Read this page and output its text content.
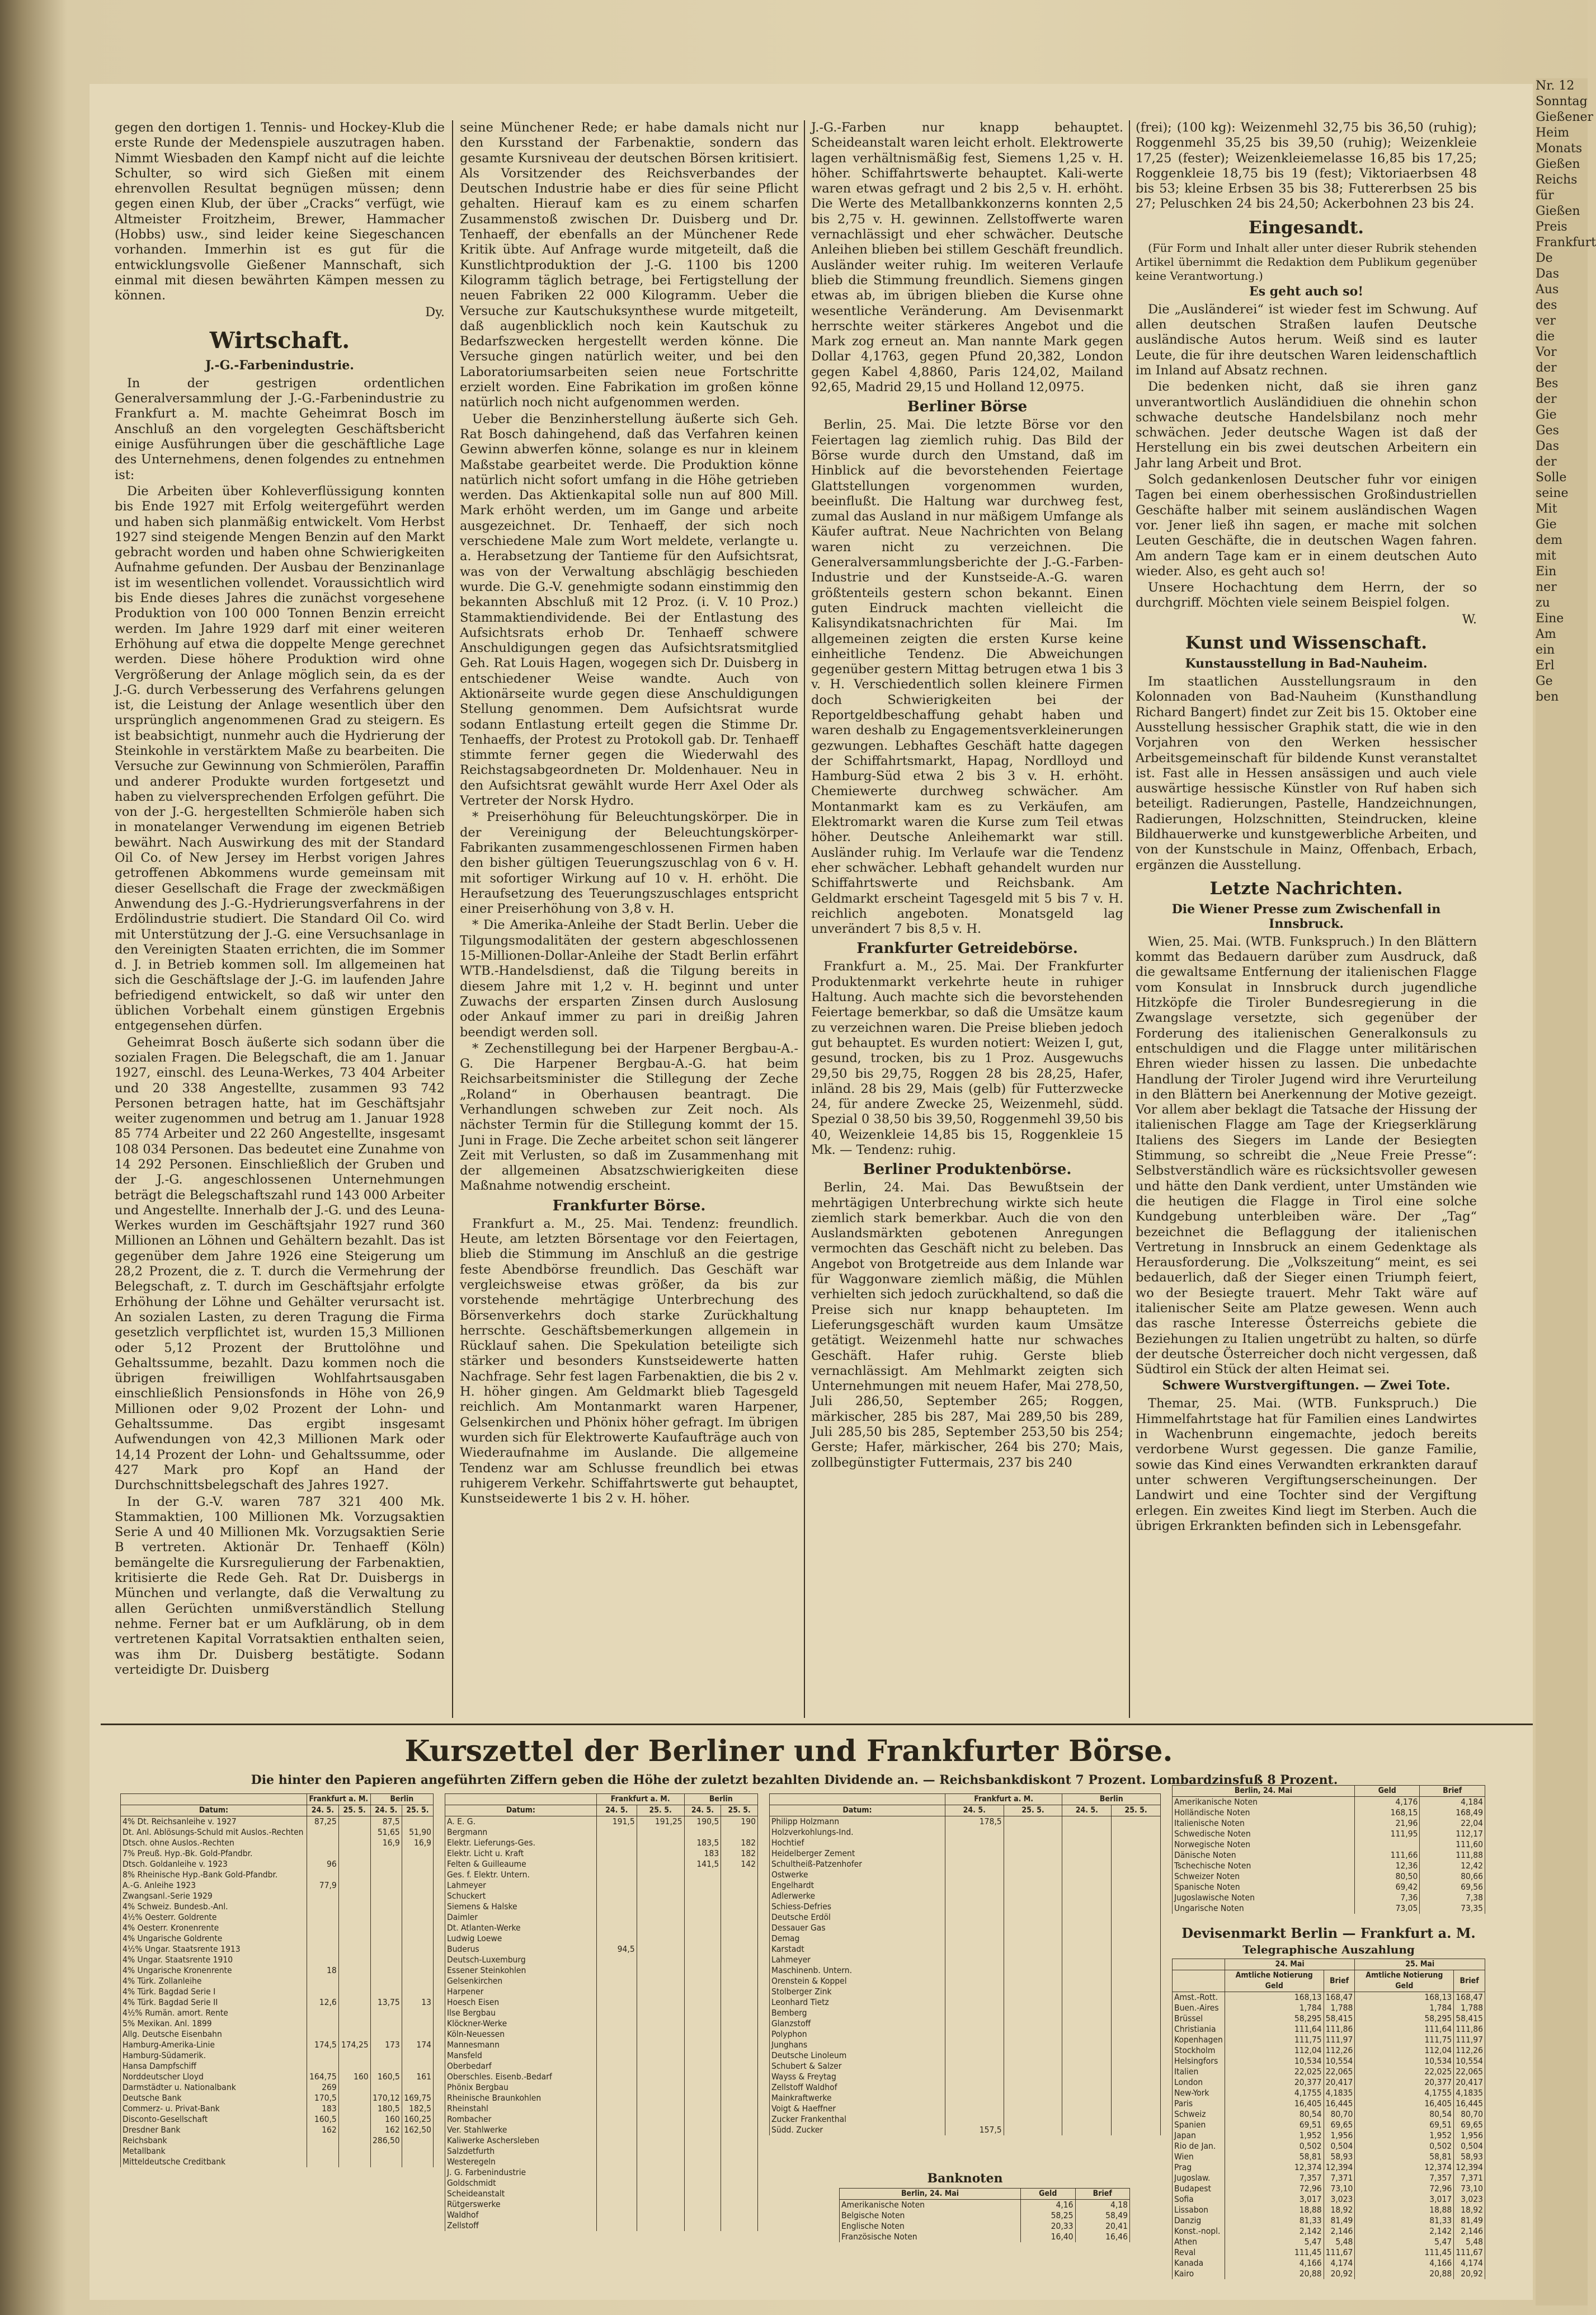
gegen den dortigen 1. Tennis- und Hockey-Klub die erste Runde der Medenspiele auszutragen haben. Nimmt Wiesbaden den Kampf nicht auf die leichte Schulter, so wird sich Gießen mit einem ehrenvollen Resultat begnügen müssen; denn gegen einen Klub, der über „Cracks“ verfügt, wie Altmeister Froitzheim, Brewer, Hammacher (Hobbs) usw., sind leider keine Siegeschancen vorhanden. Immerhin ist es gut für die entwicklungsvolle Gießener Mannschaft, sich einmal mit diesen bewährten Kämpen messen zu können.

Dy.
Wirtschaft.
J.-G.-Farbenindustrie.

In der gestrigen ordentlichen Generalversammlung der J.-G.-Farbenindustrie zu Frankfurt a. M. machte Geheimrat Bosch im Anschluß an den vorgelegten Geschäftsbericht einige Ausführungen über die geschäftliche Lage des Unternehmens, denen folgendes zu entnehmen ist:

Die Arbeiten über Kohleverflüssigung konnten bis Ende 1927 mit Erfolg weitergeführt werden und haben sich planmäßig entwickelt. Vom Herbst 1927 sind steigende Mengen Benzin auf den Markt gebracht worden und haben ohne Schwierigkeiten Aufnahme gefunden. Der Ausbau der Benzinanlage ist im wesentlichen vollendet. Voraussichtlich wird bis Ende dieses Jahres die zunächst vorgesehene Produktion von 100 000 Tonnen Benzin erreicht werden. Im Jahre 1929 darf mit einer weiteren Erhöhung auf etwa die doppelte Menge gerechnet werden. Diese höhere Produktion wird ohne Vergrößerung der Anlage möglich sein, da es der J.-G. durch Verbesserung des Verfahrens gelungen ist, die Leistung der Anlage wesentlich über den ursprünglich angenommenen Grad zu steigern. Es ist beabsichtigt, nunmehr auch die Hydrierung der Steinkohle in verstärktem Maße zu bearbeiten. Die Versuche zur Gewinnung von Schmierölen, Paraffin und anderer Produkte wurden fortgesetzt und haben zu vielversprechenden Erfolgen geführt. Die von der J.-G. hergestellten Schmieröle haben sich in monatelanger Verwendung im eigenen Betrieb bewährt. Nach Auswirkung des mit der Standard Oil Co. of New Jersey im Herbst vorigen Jahres getroffenen Abkommens wurde gemeinsam mit dieser Gesellschaft die Frage der zweckmäßigen Anwendung des J.-G.-Hydrierungsverfahrens in der Erdölindustrie studiert. Die Standard Oil Co. wird mit Unterstützung der J.-G. eine Versuchsanlage in den Vereinigten Staaten errichten, die im Sommer d. J. in Betrieb kommen soll. Im allgemeinen hat sich die Geschäftslage der J.-G. im laufenden Jahre befriedigend entwickelt, so daß wir unter den üblichen Vorbehalt einem günstigen Ergebnis entgegensehen dürfen.

Geheimrat Bosch äußerte sich sodann über die sozialen Fragen. Die Belegschaft, die am 1. Januar 1927, einschl. des Leuna-Werkes, 73 404 Arbeiter und 20 338 Angestellte, zusammen 93 742 Personen betragen hatte, hat im Geschäftsjahr weiter zugenommen und betrug am 1. Januar 1928 85 774 Arbeiter und 22 260 Angestellte, insgesamt 108 034 Personen. Das bedeutet eine Zunahme von 14 292 Personen. Einschließlich der Gruben und der J.-G. angeschlossenen Unternehmungen beträgt die Belegschaftszahl rund 143 000 Arbeiter und Angestellte. Innerhalb der J.-G. und des Leuna-Werkes wurden im Geschäftsjahr 1927 rund 360 Millionen an Löhnen und Gehältern bezahlt. Das ist gegenüber dem Jahre 1926 eine Steigerung um 28,2 Prozent, die z. T. durch die Vermehrung der Belegschaft, z. T. durch im Geschäftsjahr erfolgte Erhöhung der Löhne und Gehälter verursacht ist. An sozialen Lasten, zu deren Tragung die Firma gesetzlich verpflichtet ist, wurden 15,3 Millionen oder 5,12 Prozent der Bruttolöhne und Gehaltssumme, bezahlt. Dazu kommen noch die übrigen freiwilligen Wohlfahrtsausgaben einschließlich Pensionsfonds in Höhe von 26,9 Millionen oder 9,02 Prozent der Lohn- und Gehaltssumme. Das ergibt insgesamt Aufwendungen von 42,3 Millionen Mark oder 14,14 Prozent der Lohn- und Gehaltssumme, oder 427 Mark pro Kopf an Hand der Durchschnittsbelegschaft des Jahres 1927.

In der G.-V. waren 787 321 400 Mk. Stammaktien, 100 Millionen Mk. Vorzugsaktien Serie A und 40 Millionen Mk. Vorzugsaktien Serie B vertreten. Aktionär Dr. Tenhaeff (Köln) bemängelte die Kursregulierung der Farbenaktien, kritisierte die Rede Geh. Rat Dr. Duisbergs in München und verlangte, daß die Verwaltung zu allen Gerüchten unmißverständlich Stellung nehme. Ferner bat er um Aufklärung, ob in dem vertretenen Kapital Vorratsaktien enthalten seien, was ihm Dr. Duisberg bestätigte. Sodann verteidigte Dr. Duisberg

seine Münchener Rede; er habe damals nicht nur den Kursstand der Farbenaktie, sondern das gesamte Kursniveau der deutschen Börsen kritisiert. Als Vorsitzender des Reichsverbandes der Deutschen Industrie habe er dies für seine Pflicht gehalten. Hierauf kam es zu einem scharfen Zusammenstoß zwischen Dr. Duisberg und Dr. Tenhaeff, der ebenfalls an der Münchener Rede Kritik übte. Auf Anfrage wurde mitgeteilt, daß die Kunstlichtproduktion der J.-G. 1100 bis 1200 Kilogramm täglich betrage, bei Fertigstellung der neuen Fabriken 22 000 Kilogramm. Ueber die Versuche zur Kautschuksynthese wurde mitgeteilt, daß augenblicklich noch kein Kautschuk zu Bedarfszwecken hergestellt werden könne. Die Versuche gingen natürlich weiter, und bei den Laboratoriumsarbeiten seien neue Fortschritte erzielt worden. Eine Fabrikation im großen könne natürlich noch nicht aufgenommen werden.

Ueber die Benzinherstellung äußerte sich Geh. Rat Bosch dahingehend, daß das Verfahren keinen Gewinn abwerfen könne, solange es nur in kleinem Maßstabe gearbeitet werde. Die Produktion könne natürlich nicht sofort umfang in die Höhe getrieben werden. Das Aktienkapital solle nun auf 800 Mill. Mark erhöht werden, um im Gange und arbeite ausgezeichnet. Dr. Tenhaeff, der sich noch verschiedene Male zum Wort meldete, verlangte u. a. Herabsetzung der Tantieme für den Aufsichtsrat, was von der Verwaltung abschlägig beschieden wurde. Die G.-V. genehmigte sodann einstimmig den bekannten Abschluß mit 12 Proz. (i. V. 10 Proz.) Stammaktiendividende. Bei der Entlastung des Aufsichtsrats erhob Dr. Tenhaeff schwere Anschuldigungen gegen das Aufsichtsratsmitglied Geh. Rat Louis Hagen, wogegen sich Dr. Duisberg in entschiedener Weise wandte. Auch von Aktionärseite wurde gegen diese Anschuldigungen Stellung genommen. Dem Aufsichtsrat wurde sodann Entlastung erteilt gegen die Stimme Dr. Tenhaeffs, der Protest zu Protokoll gab. Dr. Tenhaeff stimmte ferner gegen die Wiederwahl des Reichstagsabgeordneten Dr. Moldenhauer. Neu in den Aufsichtsrat gewählt wurde Herr Axel Oder als Vertreter der Norsk Hydro.

* Preiserhöhung für Beleuchtungskörper. Die in der Vereinigung der Beleuchtungskörper-Fabrikanten zusammengeschlossenen Firmen haben den bisher gültigen Teuerungszuschlag von 6 v. H. mit sofortiger Wirkung auf 10 v. H. erhöht. Die Heraufsetzung des Teuerungszuschlages entspricht einer Preiserhöhung von 3,8 v. H.

* Die Amerika-Anleihe der Stadt Berlin. Ueber die Tilgungsmodalitäten der gestern abgeschlossenen 15-Millionen-Dollar-Anleihe der Stadt Berlin erfährt WTB.-Handelsdienst, daß die Tilgung bereits in diesem Jahre mit 1,2 v. H. beginnt und unter Zuwachs der ersparten Zinsen durch Auslosung oder Ankauf immer zu pari in dreißig Jahren beendigt werden soll.

* Zechenstillegung bei der Harpener Bergbau-A.-G. Die Harpener Bergbau-A.-G. hat beim Reichsarbeitsminister die Stillegung der Zeche „Roland“ in Oberhausen beantragt. Die Verhandlungen schweben zur Zeit noch. Als nächster Termin für die Stillegung kommt der 15. Juni in Frage. Die Zeche arbeitet schon seit längerer Zeit mit Verlusten, so daß im Zusammenhang mit der allgemeinen Absatzschwierigkeiten diese Maßnahme notwendig erscheint.

Frankfurter Börse.

Frankfurt a. M., 25. Mai. Tendenz: freundlich. Heute, am letzten Börsentage vor den Feiertagen, blieb die Stimmung im Anschluß an die gestrige feste Abendbörse freundlich. Das Geschäft war vergleichsweise etwas größer, da bis zur vorstehende mehrtägige Unterbrechung des Börsenverkehrs doch starke Zurückhaltung herrschte. Geschäftsbemerkungen allgemein in Rücklauf sahen. Die Spekulation beteiligte sich stärker und besonders Kunstseidewerte hatten Nachfrage. Sehr fest lagen Farbenaktien, die bis 2 v. H. höher gingen. Am Geldmarkt blieb Tagesgeld reichlich. Am Montanmarkt waren Harpener, Gelsenkirchen und Phönix höher gefragt. Im übrigen wurden sich für Elektrowerte Kaufaufträge auch von Wiederaufnahme im Auslande. Die allgemeine Tendenz war am Schlusse freundlich bei etwas ruhigerem Verkehr. Schiffahrtswerte gut behauptet, Kunstseidewerte 1 bis 2 v. H. höher.

J.-G.-Farben nur knapp behauptet. Scheideanstalt waren leicht erholt. Elektrowerte lagen verhältnismäßig fest, Siemens 1,25 v. H. höher. Schiffahrtswerte behauptet. Kali-werte waren etwas gefragt und 2 bis 2,5 v. H. erhöht. Die Werte des Metallbankkonzerns konnten 2,5 bis 2,75 v. H. gewinnen. Zellstoffwerte waren vernachlässigt und eher schwächer. Deutsche Anleihen blieben bei stillem Geschäft freundlich. Ausländer weiter ruhig. Im weiteren Verlaufe blieb die Stimmung freundlich. Siemens gingen etwas ab, im übrigen blieben die Kurse ohne wesentliche Veränderung. Am Devisenmarkt herrschte weiter stärkeres Angebot und die Mark zog erneut an. Man nannte Mark gegen Dollar 4,1763, gegen Pfund 20,382, London gegen Kabel 4,8860, Paris 124,02, Mailand 92,65, Madrid 29,15 und Holland 12,0975.

Berliner Börse

Berlin, 25. Mai. Die letzte Börse vor den Feiertagen lag ziemlich ruhig. Das Bild der Börse wurde durch den Umstand, daß im Hinblick auf die bevorstehenden Feiertage Glattstellungen vorgenommen wurden, beeinflußt. Die Haltung war durchweg fest, zumal das Ausland in nur mäßigem Umfange als Käufer auftrat. Neue Nachrichten von Belang waren nicht zu verzeichnen. Die Generalversammlungsberichte der J.-G.-Farben-Industrie und der Kunstseide-A.-G. waren größtenteils gestern schon bekannt. Einen guten Eindruck machten vielleicht die Kalisyndikatsnachrichten für Mai. Im allgemeinen zeigten die ersten Kurse keine einheitliche Tendenz. Die Abweichungen gegenüber gestern Mittag betrugen etwa 1 bis 3 v. H. Verschiedentlich sollen kleinere Firmen doch Schwierigkeiten bei der Reportgeldbeschaffung gehabt haben und waren deshalb zu Engagementsverkleinerungen gezwungen. Lebhaftes Geschäft hatte dagegen der Schiffahrtsmarkt, Hapag, Nordlloyd und Hamburg-Süd etwa 2 bis 3 v. H. erhöht. Chemiewerte durchweg schwächer. Am Montanmarkt kam es zu Verkäufen, am Elektromarkt waren die Kurse zum Teil etwas höher. Deutsche Anleihemarkt war still. Ausländer ruhig. Im Verlaufe war die Tendenz eher schwächer. Lebhaft gehandelt wurden nur Schiffahrtswerte und Reichsbank. Am Geldmarkt erscheint Tagesgeld mit 5 bis 7 v. H. reichlich angeboten. Monatsgeld lag unverändert 7 bis 8,5 v. H.

Frankfurter Getreidebörse.

Frankfurt a. M., 25. Mai. Der Frankfurter Produktenmarkt verkehrte heute in ruhiger Haltung. Auch machte sich die bevorstehenden Feiertage bemerkbar, so daß die Umsätze kaum zu verzeichnen waren. Die Preise blieben jedoch gut behauptet. Es wurden notiert: Weizen I, gut, gesund, trocken, bis zu 1 Proz. Ausgewuchs 29,50 bis 29,75, Roggen 28 bis 28,25, Hafer, inländ. 28 bis 29, Mais (gelb) für Futterzwecke 24, für andere Zwecke 25, Weizenmehl, südd. Spezial 0 38,50 bis 39,50, Roggenmehl 39,50 bis 40, Weizenkleie 14,85 bis 15, Roggenkleie 15 Mk. — Tendenz: ruhig.

Berliner Produktenbörse.

Berlin, 24. Mai. Das Bewußtsein der mehrtägigen Unterbrechung wirkte sich heute ziemlich stark bemerkbar. Auch die von den Auslandsmärkten gebotenen Anregungen vermochten das Geschäft nicht zu beleben. Das Angebot von Brotgetreide aus dem Inlande war für Waggonware ziemlich mäßig, die Mühlen verhielten sich jedoch zurückhaltend, so daß die Preise sich nur knapp behaupteten. Im Lieferungsgeschäft wurden kaum Umsätze getätigt. Weizenmehl hatte nur schwaches Geschäft. Hafer ruhig. Gerste blieb vernachlässigt. Am Mehlmarkt zeigten sich Unternehmungen mit neuem Hafer, Mai 278,50, Juli 286,50, September 265; Roggen, märkischer, 285 bis 287, Mai 289,50 bis 289, Juli 285,50 bis 285, September 253,50 bis 254; Gerste; Hafer, märkischer, 264 bis 270; Mais, zollbegünstigter Futtermais, 237 bis 240

(frei); (100 kg): Weizenmehl 32,75 bis 36,50 (ruhig); Roggenmehl 35,25 bis 39,50 (ruhig); Weizenkleie 17,25 (fester); Weizenkleiemelasse 16,85 bis 17,25; Roggenkleie 18,75 bis 19 (fest); Viktoriaerbsen 48 bis 53; kleine Erbsen 35 bis 38; Futtererbsen 25 bis 27; Peluschken 24 bis 24,50; Ackerbohnen 23 bis 24.

Eingesandt.

(Für Form und Inhalt aller unter dieser Rubrik stehenden Artikel übernimmt die Redaktion dem Publikum gegenüber keine Verantwortung.)

Es geht auch so!

Die „Ausländerei“ ist wieder fest im Schwung. Auf allen deutschen Straßen laufen Deutsche ausländische Autos herum. Weiß sind es lauter Leute, die für ihre deutschen Waren leidenschaftlich im Inland auf Absatz rechnen.

Die bedenken nicht, daß sie ihren ganz unverantwortlich Ausländidiuen die ohnehin schon schwache deutsche Handelsbilanz noch mehr schwächen. Jeder deutsche Wagen ist daß der Herstellung ein bis zwei deutschen Arbeitern ein Jahr lang Arbeit und Brot.

Solch gedankenlosen Deutscher fuhr vor einigen Tagen bei einem oberhessischen Großindustriellen Geschäfte halber mit seinem ausländischen Wagen vor. Jener ließ ihn sagen, er mache mit solchen Leuten Geschäfte, die in deutschen Wagen fahren. Am andern Tage kam er in einem deutschen Auto wieder. Also, es geht auch so!

Unsere Hochachtung dem Herrn, der so durchgriff. Möchten viele seinem Beispiel folgen.

W.
Kunst und Wissenschaft.
Kunstausstellung in Bad-Nauheim.

Im staatlichen Ausstellungsraum in den Kolonnaden von Bad-Nauheim (Kunsthandlung Richard Bangert) findet zur Zeit bis 15. Oktober eine Ausstellung hessischer Graphik statt, die wie in den Vorjahren von den Werken hessischer Arbeitsgemeinschaft für bildende Kunst veranstaltet ist. Fast alle in Hessen ansässigen und auch viele auswärtige hessische Künstler von Ruf haben sich beteiligt. Radierungen, Pastelle, Handzeichnungen, Radierungen, Holzschnitten, Steindrucken, kleine Bildhauerwerke und kunstgewerbliche Arbeiten, und von der Kunstschule in Mainz, Offenbach, Erbach, ergänzen die Ausstellung.

Letzte Nachrichten.
Die Wiener Presse zum Zwischenfall in Innsbruck.

Wien, 25. Mai. (WTB. Funkspruch.) In den Blättern kommt das Bedauern darüber zum Ausdruck, daß die gewaltsame Entfernung der italienischen Flagge vom Konsulat in Innsbruck durch jugendliche Hitzköpfe die Tiroler Bundesregierung in die Zwangslage versetzte, sich gegenüber der Forderung des italienischen Generalkonsuls zu entschuldigen und die Flagge unter militärischen Ehren wieder hissen zu lassen. Die unbedachte Handlung der Tiroler Jugend wird ihre Verurteilung in den Blättern bei Anerkennung der Motive gezeigt. Vor allem aber beklagt die Tatsache der Hissung der italienischen Flagge am Tage der Kriegserklärung Italiens des Siegers im Lande der Besiegten Stimmung, so schreibt die „Neue Freie Presse“: Selbstverständlich wäre es rücksichtsvoller gewesen und hätte den Dank verdient, unter Umständen wie die heutigen die Flagge in Tirol eine solche Kundgebung unterbleiben wäre. Der „Tag“ bezeichnet die Beflaggung der italienischen Vertretung in Innsbruck an einem Gedenktage als Herausforderung. Die „Volkszeitung“ meint, es sei bedauerlich, daß der Sieger einen Triumph feiert, wo der Besiegte trauert. Mehr Takt wäre auf italienischer Seite am Platze gewesen. Wenn auch das rasche Interesse Österreichs gebiete die Beziehungen zu Italien ungetrübt zu halten, so dürfe der deutsche Österreicher doch nicht vergessen, daß Südtirol ein Stück der alten Heimat sei.

Schwere Wurstvergiftungen. — Zwei Tote.

Themar, 25. Mai. (WTB. Funkspruch.) Die Himmelfahrtstage hat für Familien eines Landwirtes in Wachenbrunn eingemachte, jedoch bereits verdorbene Wurst gegessen. Die ganze Familie, sowie das Kind eines Verwandten erkrankten darauf unter schweren Vergiftungserscheinungen. Der Landwirt und eine Tochter sind der Vergiftung erlegen. Ein zweites Kind liegt im Sterben. Auch die übrigen Erkrankten befinden sich in Lebensgefahr.

Kurszettel der Berliner und Frankfurter Börse.
Die hinter den Papieren angeführten Ziffern geben die Höhe der zuletzt bezahlten Dividende an. — Reichsbankdiskont 7 Prozent. Lombardzinsfuß 8 Prozent.
	Frankfurt a. M.		Berlin	
Datum:	24. 5.	25. 5.	24. 5.	25. 5.
4% Dt. Reichsanleihe v. 1927	87,25		87,5	
Dt. Anl. Ablösungs-Schuld mit Auslos.-Rechten			51,65	51,90
Dtsch. ohne Auslos.-Rechten			16,9	16,9
7% Preuß. Hyp.-Bk. Gold-Pfandbr.				
Dtsch. Goldanleihe v. 1923	96			
8% Rheinische Hyp.-Bank Gold-Pfandbr.				
A.-G. Anleihe 1923	77,9			
Zwangsanl.-Serie 1929				
4% Schweiz. Bundesb.-Anl.				
4½% Oesterr. Goldrente				
4% Oesterr. Kronenrente				
4% Ungarische Goldrente				
4½% Ungar. Staatsrente 1913				
4% Ungar. Staatsrente 1910				
4% Ungarische Kronenrente	18			
4% Türk. Zollanleihe				
4% Türk. Bagdad Serie I				
4% Türk. Bagdad Serie II	12,6		13,75	13
4½% Rumän. amort. Rente				
5% Mexikan. Anl. 1899				
Allg. Deutsche Eisenbahn				
Hamburg-Amerika-Linie	174,5	174,25	173	174
Hamburg-Südamerik.				
Hansa Dampfschiff				
Norddeutscher Lloyd	164,75	160	160,5	161
Darmstädter u. Nationalbank	269			
Deutsche Bank	170,5		170,12	169,75
Commerz- u. Privat-Bank	183		180,5	182,5
Disconto-Gesellschaft	160,5		160	160,25
Dresdner Bank	162		162	162,50
Reichsbank			286,50	
Metallbank				
Mitteldeutsche Creditbank				
	Frankfurt a. M.		Berlin	
Datum:	24. 5.	25. 5.	24. 5.	25. 5.
A. E. G.	191,5	191,25	190,5	190
Bergmann				
Elektr. Lieferungs-Ges.			183,5	182
Elektr. Licht u. Kraft			183	182
Felten & Guilleaume			141,5	142
Ges. f. Elektr. Untern.				
Lahmeyer				
Schuckert				
Siemens & Halske				
Daimler				
Dt. Atlanten-Werke				
Ludwig Loewe				
Buderus	94,5			
Deutsch-Luxemburg				
Essener Steinkohlen				
Gelsenkirchen				
Harpener				
Hoesch Eisen				
Ilse Bergbau				
Klöckner-Werke				
Köln-Neuessen				
Mannesmann				
Mansfeld				
Oberbedarf				
Oberschles. Eisenb.-Bedarf				
Phönix Bergbau				
Rheinische Braunkohlen				
Rheinstahl				
Rombacher				
Ver. Stahlwerke				
Kaliwerke Aschersleben				
Salzdetfurth				
Westeregeln				
J. G. Farbenindustrie				
Goldschmidt				
Scheideanstalt				
Rütgerswerke				
Waldhof				
Zellstoff				
	Frankfurt a. M.		Berlin	
Datum:	24. 5.	25. 5.	24. 5.	25. 5.
Philipp Holzmann	178,5			
Holzverkohlungs-Ind.				
Hochtief				
Heidelberger Zement				
Schultheiß-Patzenhofer				
Ostwerke				
Engelhardt				
Adlerwerke				
Schiess-Defries				
Deutsche Erdöl				
Dessauer Gas				
Demag				
Karstadt				
Lahmeyer				
Maschinenb. Untern.				
Orenstein & Koppel				
Stolberger Zink				
Leonhard Tietz				
Bemberg				
Glanzstoff				
Polyphon				
Junghans				
Deutsche Linoleum				
Schubert & Salzer				
Wayss & Freytag				
Zellstoff Waldhof				
Mainkraftwerke				
Voigt & Haeffner				
Zucker Frankenthal				
Südd. Zucker	157,5			
Banknoten
Berlin, 24. Mai	Geld	Brief
Amerikanische Noten	4,16	4,18
Belgische Noten	58,25	58,49
Englische Noten	20,33	20,41
Französische Noten	16,40	16,46
Berlin, 24. Mai	Geld	Brief
Amerikanische Noten	4,176	4,184
Holländische Noten	168,15	168,49
Italienische Noten	21,96	22,04
Schwedische Noten	111,95	112,17
Norwegische Noten		111,60
Dänische Noten	111,66	111,88
Tschechische Noten	12,36	12,42
Schweizer Noten	80,50	80,66
Spanische Noten	69,42	69,56
Jugoslawische Noten	7,36	7,38
Ungarische Noten	73,05	73,35
Devisenmarkt Berlin — Frankfurt a. M.
Telegraphische Auszahlung
	24. Mai		25. Mai	
	Amtliche Notierung Geld	Brief	Amtliche Notierung Geld	Brief
Amst.-Rott.	168,13	168,47	168,13	168,47
Buen.-Aires	1,784	1,788	1,784	1,788
Brüssel	58,295	58,415	58,295	58,415
Christiania	111,64	111,86	111,64	111,86
Kopenhagen	111,75	111,97	111,75	111,97
Stockholm	112,04	112,26	112,04	112,26
Helsingfors	10,534	10,554	10,534	10,554
Italien	22,025	22,065	22,025	22,065
London	20,377	20,417	20,377	20,417
New-York	4,1755	4,1835	4,1755	4,1835
Paris	16,405	16,445	16,405	16,445
Schweiz	80,54	80,70	80,54	80,70
Spanien	69,51	69,65	69,51	69,65
Japan	1,952	1,956	1,952	1,956
Rio de Jan.	0,502	0,504	0,502	0,504
Wien	58,81	58,93	58,81	58,93
Prag	12,374	12,394	12,374	12,394
Jugoslaw.	7,357	7,371	7,357	7,371
Budapest	72,96	73,10	72,96	73,10
Sofia	3,017	3,023	3,017	3,023
Lissabon	18,88	18,92	18,88	18,92
Danzig	81,33	81,49	81,33	81,49
Konst.-nopl.	2,142	2,146	2,142	2,146
Athen	5,47	5,48	5,47	5,48
Reval	111,45	111,67	111,45	111,67
Kanada	4,166	4,174	4,166	4,174
Kairo	20,88	20,92	20,88	20,92
Nr. 12
Sonntag
Gießener
Heim
Monats
Gießen
Reichs
für
Gießen
Preis
Frankfurt
De
Das
Aus
des
ver
die
Vor
der
Bes
der
Gie
Ges
Das
der
Solle
seine
Mit
Gie
dem
mit
Ein
ner
zu
Eine
Am
ein
Erl
Ge
ben
